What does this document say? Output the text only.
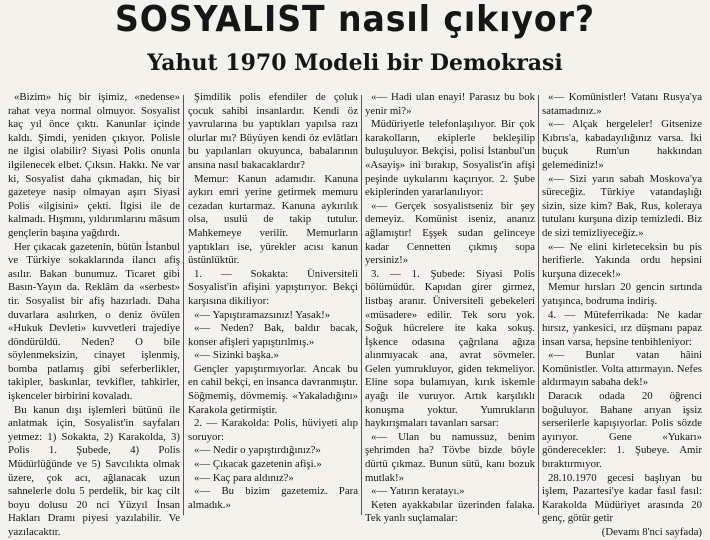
SOSYALIST nasıl çıkıyor?
Yahut 1970 Modeli bir Demokrasi

«Bizim» hiç bir işimiz, «nedense» rahat veya normal olmuyor. Sosyalist kaç yıl önce çıktı. Kanunlar içinde kaldı. Şimdi, yeniden çıkıyor. Polisle ne ilgisi olabilir? Siyasi Polis onunla ilgilenecek elbet. Çıksın. Hakkı. Ne var ki, Sosyalist daha çıkmadan, hiç bir gazeteye nasip olmayan aşırı Siyasi Polis «ilgisini» çekti. İlgisi ile de kalmadı. Hışmını, yıldırımlarını mâsum gençlerin başına yağdırdı.

Her çıkacak gazetenin, bütün İstanbul ve Türkiye sokaklarında ilancı afiş asılır. Bakan bunumuz. Ticaret gibi Basın-Yayın da. Reklâm da «serbest» tir. Sosyalist bir afiş hazırladı. Daha duvarlara asılırken, o deniz övülen «Hukuk Devleti» kuvvetleri trajediye döndürüldü. Neden? O bile söylenmeksizin, cinayet işlenmiş, bomba patlamış gibi seferberlikler, takipler, baskınlar, tevkifler, tahkirler, işkenceler birbirini kovaladı.

Bu kanun dışı işlemleri bütünü ile anlatmak için, Sosyalist'in sayfaları yetmez: 1) Sokakta, 2) Karakolda, 3) Polis 1. Şubede, 4) Polis Müdürlüğünde ve 5) Savcılıkta olmak üzere, çok acı, ağlanacak uzun sahnelerle dolu 5 perdelik, bir kaç cilt boyu dolusu 20 nci Yüzyıl İnsan Hakları Dramı piyesi yazılabilir. Ve yazılacaktır.

Şimdilik polis efendiler de çoluk çocuk sahibi insanlardır. Kendi öz yavrularına bu yaptıkları yapılsa razı olurlar mı? Büyüyen kendi öz evlâtları bu yapılanları okuyunca, babalarının ansına nasıl bakacaklardır?

Memur: Kanun adamıdır. Kanuna aykırı emri yerine getirmek memuru cezadan kurtarmaz. Kanuna aykırılık olsa, usulü de takip tutulur. Mahkemeye verilir. Memurların yaptıkları ise, yürekler acısı kanun üstünlüktür.

1. — Sokakta: Üniversiteli Sosyalist'in afişini yapıştırıyor. Bekçi karşısına dikiliyor:

«— Yapıştıramazsınız! Yasak!»

«— Neden? Bak, baldır bacak, konser afişleri yapıştırılmış.»

«— Sizinki başka.»

Gençler yapıştırmıyorlar. Ancak bu en cahil bekçi, en insanca davranmıştır. Söğmemiş, dövmemiş. «Yakaladığını» Karakola getirmiştir.

2. — Karakolda: Polis, hüviyeti alıp soruyor:

«— Nedir o yapıştırdığınız?»

«— Çıkacak gazetenin afişi.»

«— Kaç para aldınız?»

«— Bu bizim gazetemiz. Para almadık.»

«— Hadi ulan enayi! Parasız bu bok yenir mi?»

Müdüriyetle telefonlaşılıyor. Bir çok karakolların, ekiplerle bekleşilip buluşuluyor. Bekçisi, polisi İstanbul'un «Asayiş» ini bırakıp, Sosyalist'in afişi peşinde uykularını kaçırıyor. 2. Şube ekiplerinden yararlanılıyor:

«— Gerçek sosyalistseniz bir şey demeyiz. Komünist iseniz, ananız ağlamıştır! Eşşek sudan gelinceye kadar Cennetten çıkmış sopa yersiniz!»

3. — 1. Şubede: Siyasi Polis bölümüdür. Kapıdan girer girmez, listbaş aranır. Üniversiteli gebekeleri «müsadere» edilir. Tek soru yok. Soğuk hücrelere ite kaka sokuş. İşkence odasına çağrılana ağıza alınmıyacak ana, avrat sövmeler. Gelen yumrukluyor, giden tekmeliyor. Eline sopa bulamıyan, kırık iskemle ayağı ile vuruyor. Artık karşılıklı konuşma yoktur. Yumrukların haykırışmaları tavanları sarsar:

«— Ulan bu namussuz, benim şehrimden ha? Tövbe bizde böyle dürtü çıkmaz. Bunun sütü, kanı bozuk mutlak!»

«— Yatırın keratayı.»

Keten ayakkabılar üzerinden falaka. Tek yanlı suçlamalar:

«— Komünistler! Vatanı Rusya'ya satamadınız.»

«— Alçak hergeleler! Gitsenize Kıbrıs'a, kabadayılığınız varsa. İki buçuk Rum'un hakkından gelemediniz!»

«— Sizi yarın sabah Moskova'ya süreceğiz. Türkiye vatandaşlığı sizin, size kim? Bak, Rus, koleraya tutulanı kurşuna dizip temizledi. Biz de sizi temizliyeceğiz.»

«— Ne elini kirleteceksin bu pis herifierle. Yakında ordu hepsini kurşuna dizecek!»

Memur hırsları 20 gencin sırtında yatışınca, bodruma indiriş.

4. — Müteferrikada: Ne kadar hırsız, yankesici, ırz düşmanı papaz insan varsa, hepsine tenbihleniyor:

«— Bunlar vatan hâini Komünistler. Volta attırmayın. Nefes aldırmayın sabaha dek!»

Daracık odada 20 öğrenci boğuluyor. Bahane arıyan işsiz serserilerle kapışıyorlar. Polis sözde ayırıyor. Gene «Yukarı» gönderecekler: 1. Şubeye. Amir bıraktırmıyor.

28.10.1970 gecesi başlıyan bu işlem, Pazartesi'ye kadar fasıl fasıl: Karakolda Müdüriyet arasında 20 genç, götür getir

(Devamı 8'nci sayfada)
